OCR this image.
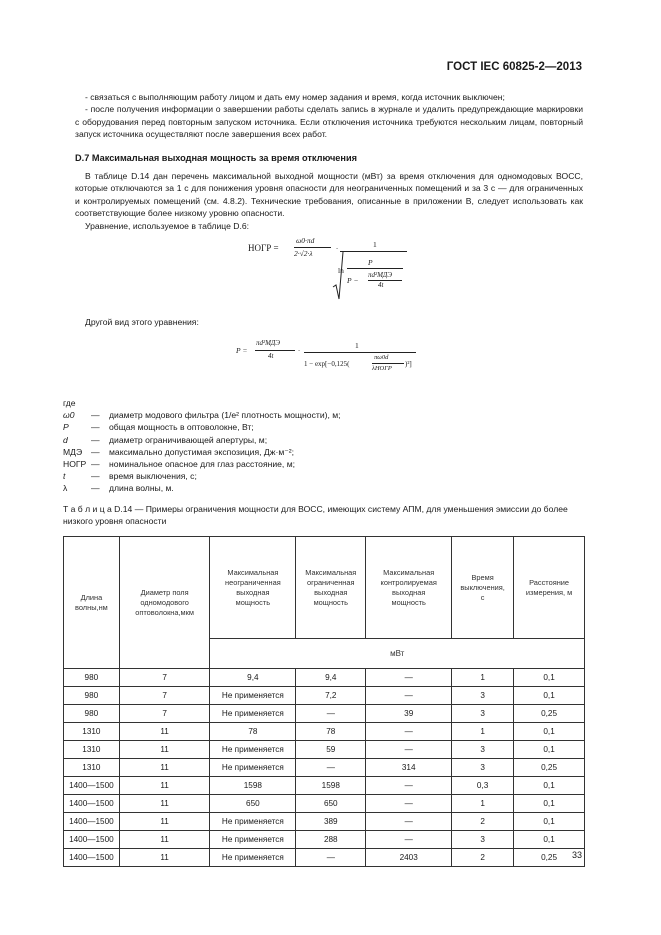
ГОСТ IEC 60825-2—2013

- связаться с выполняющим работу лицом и дать ему номер задания и время, когда источник выключен;

- после получения информации о завершении работы сделать запись в журнале и удалить предупреждающие маркировки с оборудования перед повторным запуском источника. Если отключения источника требуются нескольким лицам, повторный запуск источника осуществляют после завершения всех работ.

D.7 Максимальная выходная мощность за время отключения

В таблице D.14 дан перечень максимальной выходной мощности (мВт) за время отключения для одномодовых ВОСС, которые отключаются за 1 с для понижения уровня опасности для неограниченных помещений и за 3 с — для ограниченных и контролируемых помещений (см. 4.8.2). Технические требования, описанные в приложении В, следует использовать как соответствующие более низкому уровню опасности.

Уравнение, используемое в таблице D.6:

НОГР =
ω0·πd
2·√2·λ
·	1
ln
P
P −
πd²МДЭ
4t

Другой вид этого уравнения:

P =
πd²МДЭ
4t
·
1
1 − exp[−0,125(
πω0d
λНОГР
)²]
где
ω0	—	диаметр модового фильтра (1/e² плотность мощности), м;
P	—	общая мощность в оптоволокне, Вт;
d	—	диаметр ограничивающей апертуры, м;
МДЭ	—	максимально допустимая экспозиция, Дж·м⁻²;
НОГР —	номинальное опасное для глаз расстояние, м;
t	—	время выключения, с;
λ	—	длина волны, м.
Т а б л и ц а D.14 — Примеры ограничения мощности для ВОСС, имеющих систему АПМ, для уменьшения эмиссии до более низкого уровня опасности
Длина волны,нм	Диаметр поля одномодового оптоволокна,мкм	Максимальная неограниченная выходная мощность	Максимальная ограниченная выходная мощность	Максимальная контролируемая выходная мощность	Время выключения, с	Расстояние измерения, м
		мВт				
980	7	9,4	9,4	—	1	0,1
980	7	Не применяется	7,2	—	3	0,1
980	7	Не применяется	—	39	3	0,25
1310	11	78	78	—	1	0,1
1310	11	Не применяется	59	—	3	0,1
1310	11	Не применяется	—	314	3	0,25
1400—1500	11	1598	1598	—	0,3	0,1
1400—1500	11	650	650	—	1	0,1
1400—1500	11	Не применяется	389	—	2	0,1
1400—1500	11	Не применяется	288	—	3	0,1
1400—1500	11	Не применяется	—	2403	2	0,25 33
